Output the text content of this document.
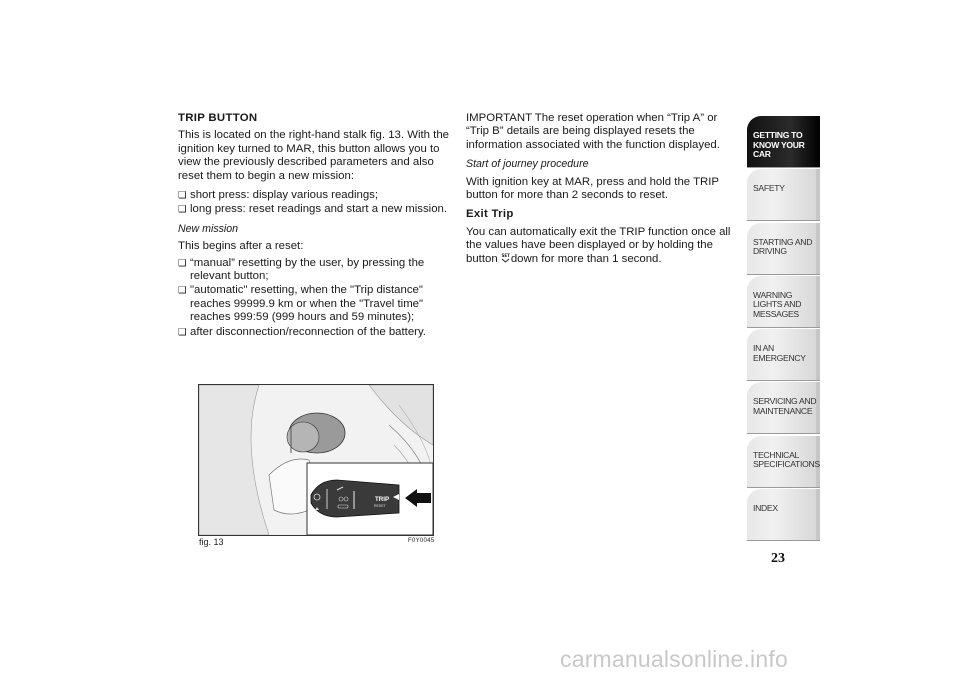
TRIP BUTTON

This is located on the right-hand stalk fig. 13. With the ignition key turned to MAR, this button allows you to view the previously described parameters and also reset them to begin a new mission:

❑ short press: display various readings;
❑ long press: reset readings and start a new mission.
New mission

This begins after a reset:

❑ “manual” resetting by the user, by pressing the relevant button;
❑ "automatic" resetting, when the "Trip distance" reaches 99999.9 km or when the "Travel time" reaches 999:59 (999 hours and 59 minutes);
❑ after disconnection/reconnection of the battery.

IMPORTANT The reset operation when “Trip A” or “Trip B” details are being displayed resets the information associated with the function displayed.

Start of journey procedure

With ignition key at MAR, press and hold the TRIP button for more than 2 seconds to reset.

Exit Trip

You can automatically exit the TRIP function once all the values have been displayed or by holding the button SET down for more than 1 second.

TRIP
RESET
fig. 13	F0Y0045
GETTING TO KNOW YOUR CAR
SAFETY
STARTING AND DRIVING
WARNING LIGHTS AND MESSAGES
IN AN EMERGENCY
SERVICING AND MAINTENANCE
TECHNICAL SPECIFICATIONS
INDEX
23
carmanualsonline.info
